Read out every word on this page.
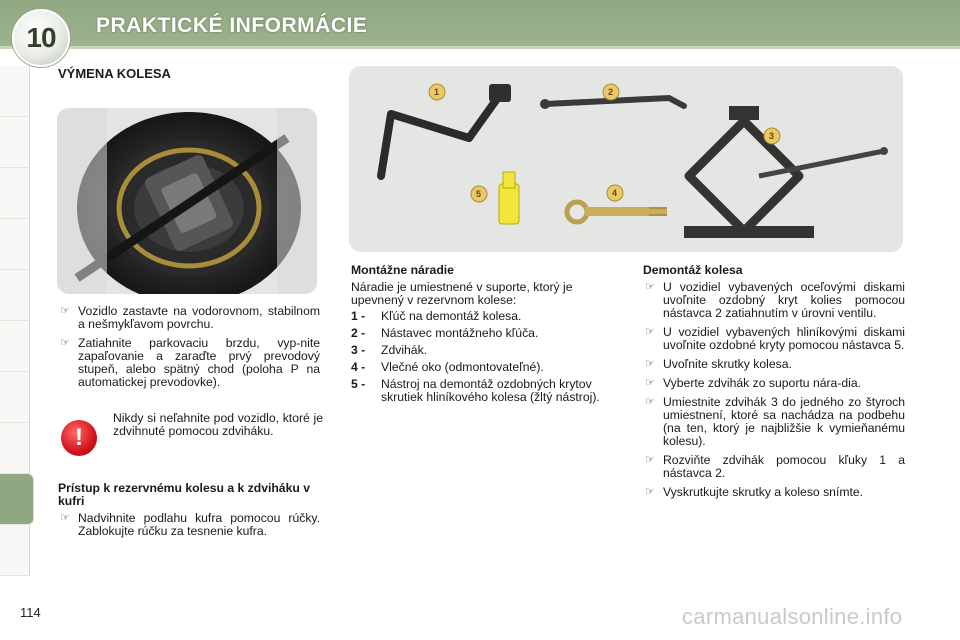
10	PRAKTICKÉ INFORMÁCIE
VÝMENA KOLESA
1	2
3
4
5
☞ Vozidlo zastavte na vodorovnom, stabilnom a nešmykľavom povrchu.
☞ Zatiahnite parkovaciu brzdu, vyp-nite zapaľovanie a zaraďte prvý prevodový stupeň, alebo spätný chod (poloha P na automatickej prevodovke).
!
Nikdy si neľahnite pod vozidlo, ktoré je zdvihnuté pomocou zdviháku.
Prístup k rezervnému kolesu a k zdviháku v kufri
☞ Nadvihnite podlahu kufra pomocou rúčky. Zablokujte rúčku za tesnenie kufra.
Montážne náradie
Náradie je umiestnené v suporte, ktorý je upevnený v rezervnom kolese:
1 - Kľúč na demontáž kolesa.
2 - Nástavec montážneho kľúča.
3 - Zdvihák.
4 - Vlečné oko (odmontovateľné).
5 - Nástroj na demontáž ozdobných krytov skrutiek hliníkového kolesa (žltý nástroj).
Demontáž kolesa
☞ U vozidiel vybavených oceľovými diskami uvoľnite ozdobný kryt kolies pomocou nástavca 2 zatiahnutím v úrovni ventilu.
☞ U vozidiel vybavených hliníkovými diskami uvoľnite ozdobné kryty pomocou nástavca 5.
☞ Uvoľnite skrutky kolesa.
☞ Vyberte zdvihák zo suportu nára-dia.
☞ Umiestnite zdvihák 3 do jedného zo štyroch umiestnení, ktoré sa nachádza na podbehu (na ten, ktorý je najbližšie k vymieňanému kolesu).
☞ Rozviňte zdvihák pomocou kľuky 1 a nástavca 2.
☞ Vyskrutkujte skrutky a koleso snímte.
114	carmanualsonline.info
